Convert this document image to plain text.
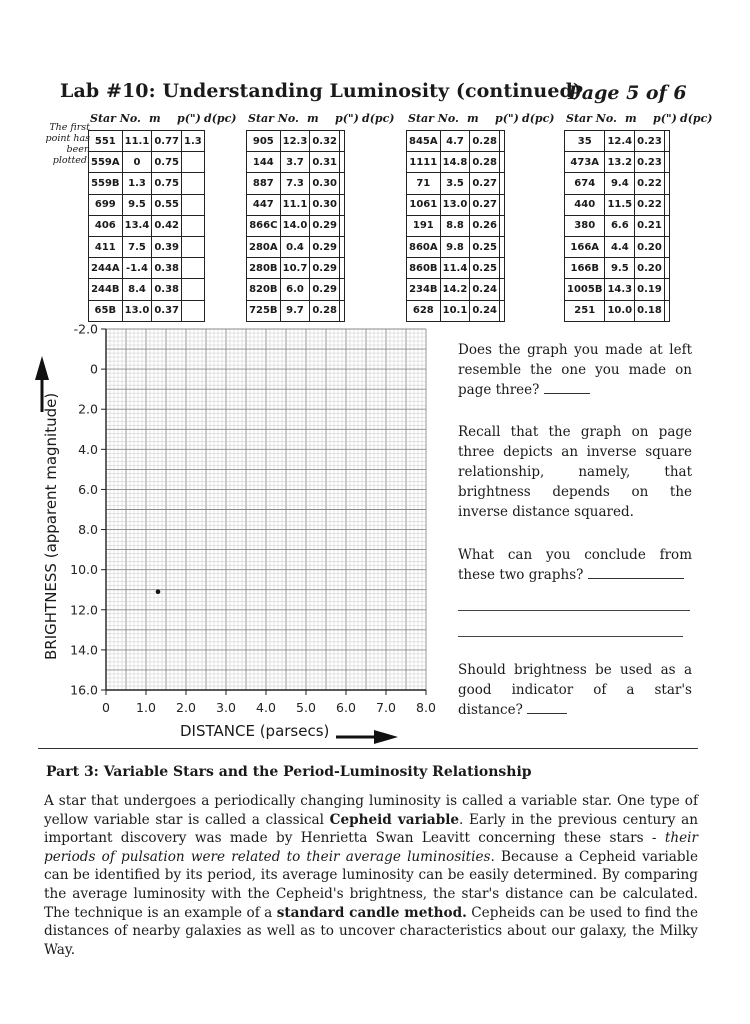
Lab #10: Understanding Luminosity (continued)
Page 5 of 6
The first point has been plotted.
Star No. m p(") d(pc)
551	11.1	0.77	1.3
559A	0	0.75	
559B	1.3	0.75	
699	9.5	0.55	
406	13.4	0.42	
411	7.5	0.39	
244A	-1.4	0.38	
244B	8.4	0.38	
65B	13.0	0.37	
Star No. m p(") d(pc)
905	12.3	0.32	
144	3.7	0.31	
887	7.3	0.30	
447	11.1	0.30	
866C	14.0	0.29	
280A	0.4	0.29	
280B	10.7	0.29	
820B	6.0	0.29	
725B	9.7	0.28	
Star No. m p(") d(pc)
845A	4.7	0.28	
1111	14.8	0.28	
71	3.5	0.27	
1061	13.0	0.27	
191	8.8	0.26	
860A	9.8	0.25	
860B	11.4	0.25	
234B	14.2	0.24	
628	10.1	0.24	
Star No. m p(") d(pc)
35	12.4	0.23	
473A	13.2	0.23	
674	9.4	0.22	
440	11.5	0.22	
380	6.6	0.21	
166A	4.4	0.20	
166B	9.5	0.20	
1005B	14.3	0.19	
251	10.0	0.18	
-2.0
0
2.0
4.0
6.0
8.0
10.0
12.0
14.0
16.0
0 1.0 2.0 3.0 4.0 5.0 6.0 7.0 8.0
BRIGHTNESS (apparent magnitude)
DISTANCE (parsecs)
Does the graph you made at left resemble the one you made on page three?
Recall that the graph on page three depicts an inverse square relationship, namely, that brightness depends on the inverse distance squared.
What can you conclude from these two graphs?
Should brightness be used as a good indicator of a star's distance?
Part 3: Variable Stars and the Period-Luminosity Relationship
A star that undergoes a periodically changing luminosity is called a variable star. One type of yellow variable star is called a classical Cepheid variable. Early in the previous century an important discovery was made by Henrietta Swan Leavitt concerning these stars - their periods of pulsation were related to their average luminosities. Because a Cepheid variable can be identified by its period, its average luminosity can be easily determined. By comparing the average luminosity with the Cepheid's brightness, the star's distance can be calculated. The technique is an example of a standard candle method. Cepheids can be used to find the distances of nearby galaxies as well as to uncover characteristics about our galaxy, the Milky Way.
